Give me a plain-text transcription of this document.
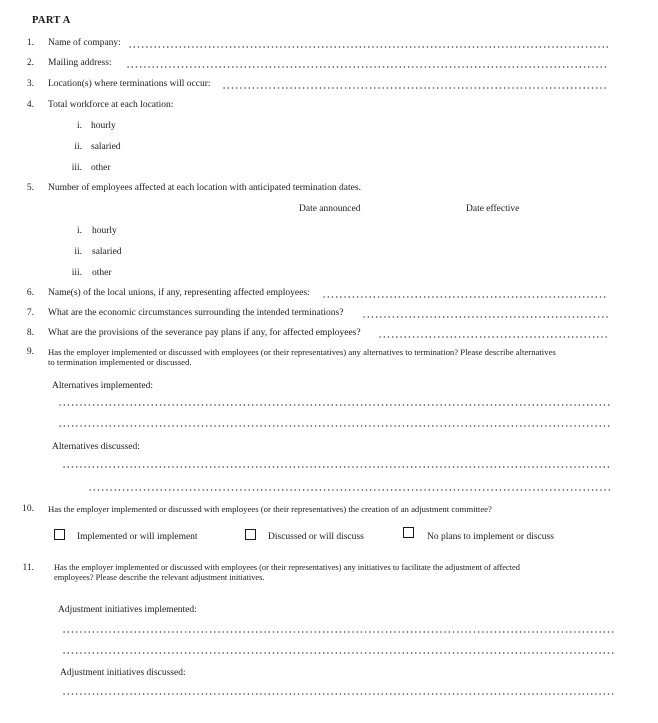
PART A
1. Name of company:
2. Mailing address:
3. Location(s) where terminations will occur:
4. Total workforce at each location:
i. hourly
ii. salaried
iii. other
5. Number of employees affected at each location with anticipated termination dates.
Date announced	Date effective
i. hourly
ii. salaried
iii. other
6. Name(s) of the local unions, if any, representing affected employees:
7. What are the economic circumstances surrounding the intended terminations?
8. What are the provisions of the severance pay plans if any, for affected employees?
9. Has the employer implemented or discussed with employees (or their representatives) any alternatives to termination? Please describe alternatives
to termination implemented or discussed.
Alternatives implemented:
Alternatives discussed:
10. Has the employer implemented or discussed with employees (or their representatives) the creation of an adjustment committee?
Implemented or will implement	Discussed or will discuss	No plans to implement or discuss
11. Has the employer implemented or discussed with employees (or their representatives) any initiatives to facilitate the adjustment of affected
employees? Please describe the relevant adjustment initiatives.
Adjustment initiatives implemented:
Adjustment initiatives discussed:
